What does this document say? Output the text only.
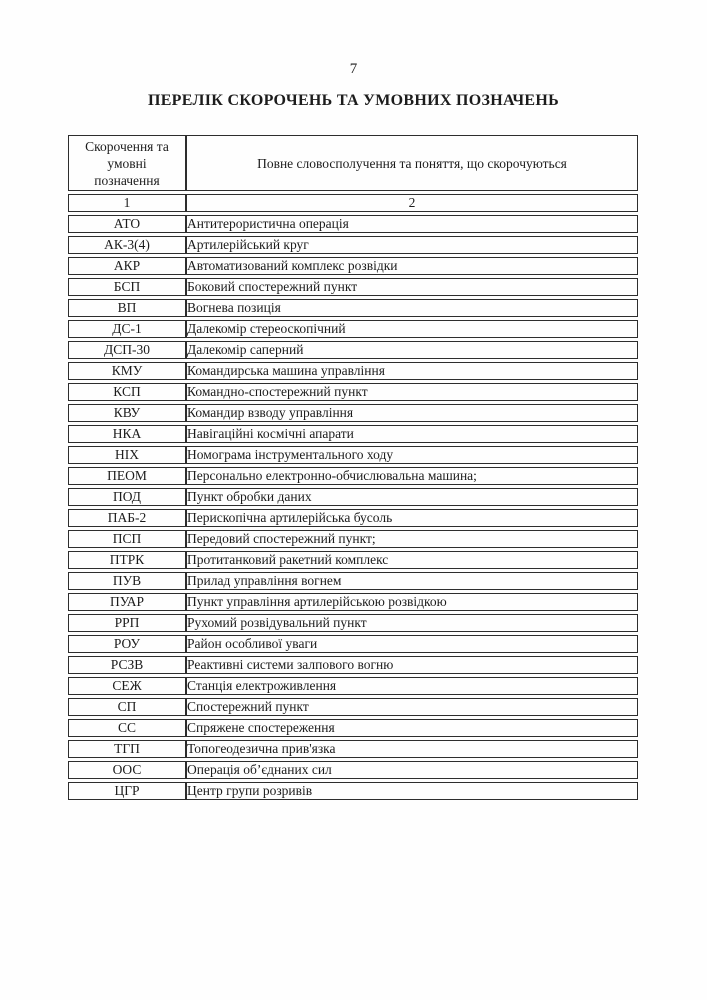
7
ПЕРЕЛІК СКОРОЧЕНЬ ТА УМОВНИХ ПОЗНАЧЕНЬ
Скорочення та умовні позначення	Повне словосполучення та поняття, що скорочуються
1	2
АТО	Антитерористична операція
АК-3(4)	Артилерійський круг
АКР	Автоматизований комплекс розвідки
БСП	Боковий спостережний пункт
ВП	Вогнева позиція
ДС-1	Далекомір стереоскопічний
ДСП-30	Далекомір саперний
КМУ	Командирська машина управління
КСП	Командно-спостережний пункт
КВУ	Командир взводу управління
НКА	Навігаційні космічні апарати
НІХ	Номограма інструментального ходу
ПЕОМ	Персонально електронно-обчислювальна машина;
ПОД	Пункт обробки даних
ПАБ-2	Перископічна артилерійська бусоль
ПСП	Передовий спостережний пункт;
ПТРК	Протитанковий ракетний комплекс
ПУВ	Прилад управління вогнем
ПУАР	Пункт управління артилерійською розвідкою
РРП	Рухомий розвідувальний пункт
РОУ	Район особливої уваги
РСЗВ	Реактивні системи залпового вогню
СЕЖ	Станція електроживлення
СП	Спостережний пункт
СС	Спряжене спостереження
ТГП	Топогеодезична прив'язка
ООС	Операція об’єднаних сил
ЦГР	Центр групи розривів
